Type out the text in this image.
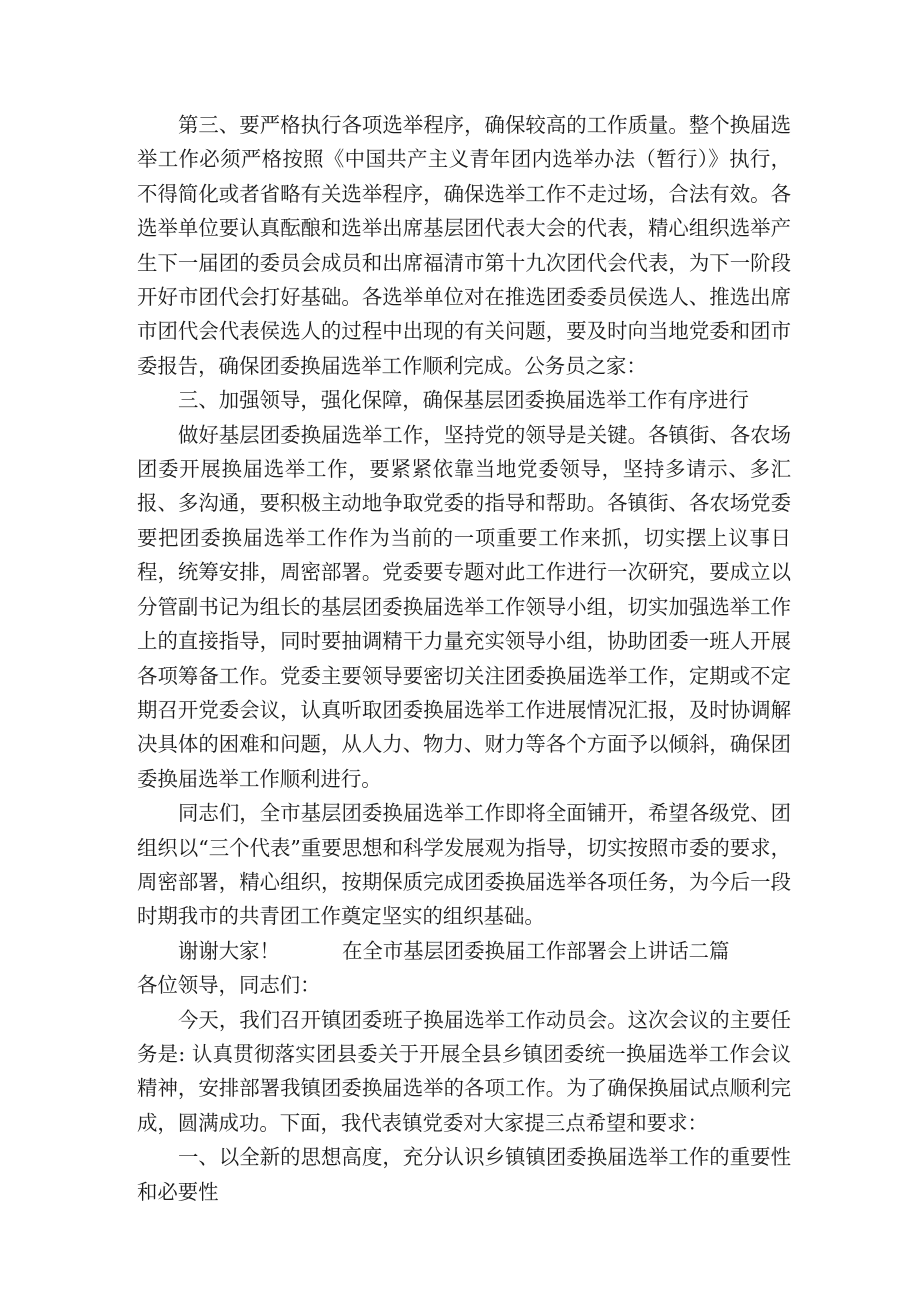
第三、要严格执行各项选举程序，确保较高的工作质量。整个换届选举工作必须严格按照《中国共产主义青年团内选举办法（暂行）》执行，不得简化或者省略有关选举程序，确保选举工作不走过场，合法有效。各选举单位要认真酝酿和选举出席基层团代表大会的代表，精心组织选举产生下一届团的委员会成员和出席福清市第十九次团代会代表，为下一阶段开好市团代会打好基础。各选举单位对在推选团委委员侯选人、推选出席市团代会代表侯选人的过程中出现的有关问题，要及时向当地党委和团市委报告，确保团委换届选举工作顺利完成。公务员之家：

三、加强领导，强化保障，确保基层团委换届选举工作有序进行

做好基层团委换届选举工作，坚持党的领导是关键。各镇街、各农场团委开展换届选举工作，要紧紧依靠当地党委领导，坚持多请示、多汇报、多沟通，要积极主动地争取党委的指导和帮助。各镇街、各农场党委要把团委换届选举工作作为当前的一项重要工作来抓，切实摆上议事日程，统筹安排，周密部署。党委要专题对此工作进行一次研究，要成立以分管副书记为组长的基层团委换届选举工作领导小组，切实加强选举工作上的直接指导，同时要抽调精干力量充实领导小组，协助团委一班人开展各项筹备工作。党委主要领导要密切关注团委换届选举工作，定期或不定期召开党委会议，认真听取团委换届选举工作进展情况汇报，及时协调解决具体的困难和问题，从人力、物力、财力等各个方面予以倾斜，确保团委换届选举工作顺利进行。

同志们，全市基层团委换届选举工作即将全面铺开，希望各级党、团组织以“三个代表”重要思想和科学发展观为指导，切实按照市委的要求，周密部署，精心组织，按期保质完成团委换届选举各项任务，为今后一段时期我市的共青团工作奠定坚实的组织基础。

谢谢大家！	在全市基层团委换届工作部署会上讲话二篇

各位领导，同志们：

今天，我们召开镇团委班子换届选举工作动员会。这次会议的主要任务是: 认真贯彻落实团县委关于开展全县乡镇团委统一换届选举工作会议精神，安排部署我镇团委换届选举的各项工作。为了确保换届试点顺利完成，圆满成功。下面，我代表镇党委对大家提三点希望和要求：

一、以全新的思想高度，充分认识乡镇镇团委换届选举工作的重要性和必要性
